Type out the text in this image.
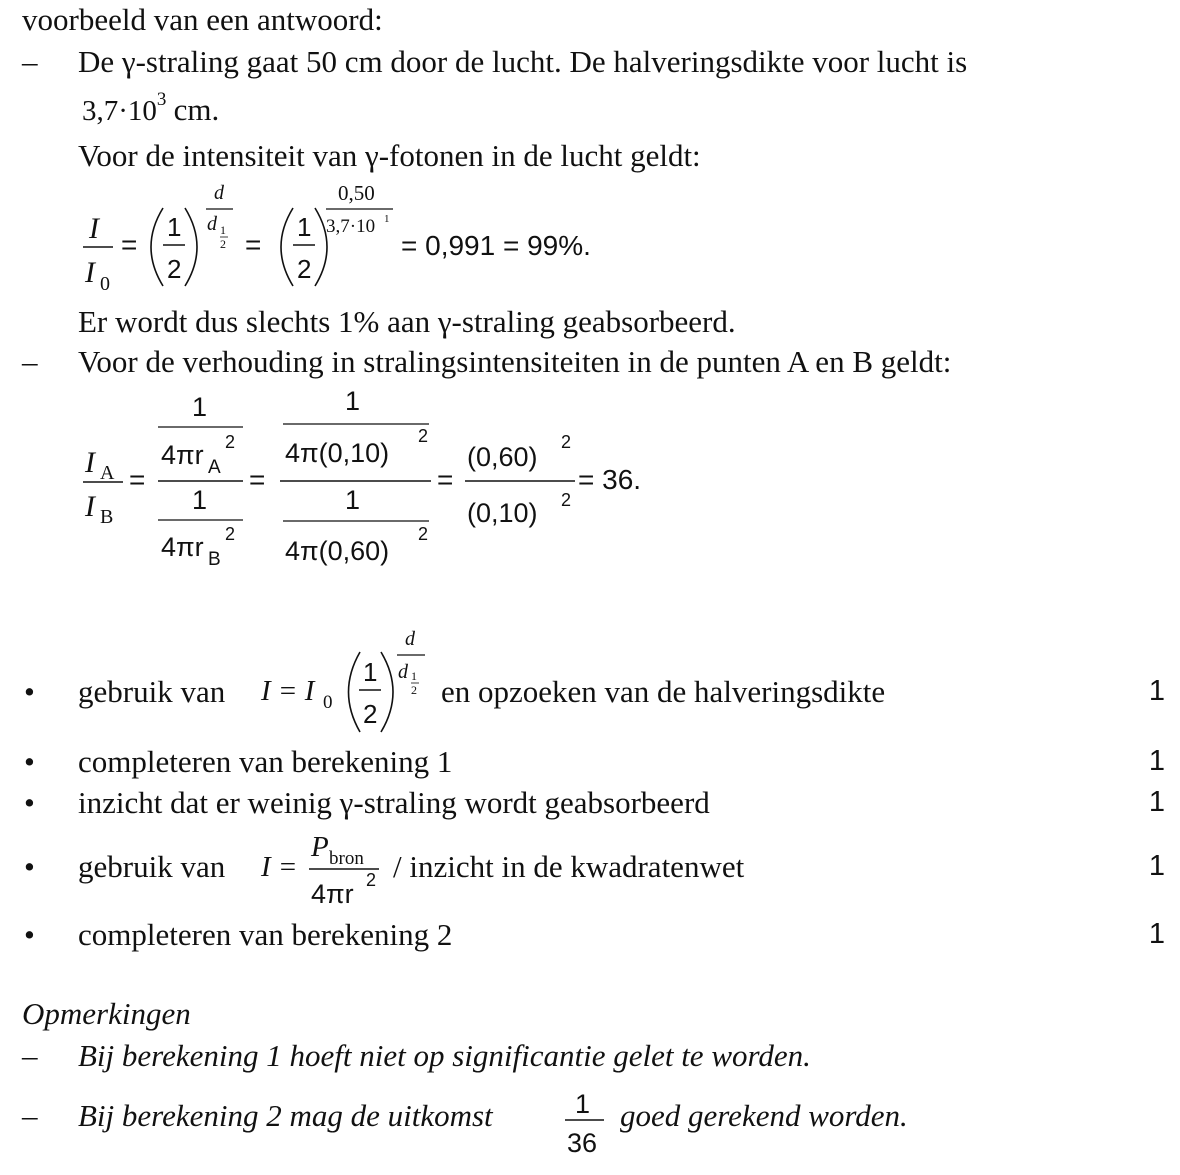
voorbeeld van een antwoord:
– De γ-straling gaat 50 cm door de lucht. De halveringsdikte voor lucht is
$3,7\cdot 10^3$ cm.
Voor de intensiteit van γ-fotonen in de lucht geldt:
I
I 0
=
1
2
d
d 1
2 =
1
2
0,50
3,7·10 1
= 0,991 = 99%.
Er wordt dus slechts 1% aan γ-straling geabsorbeerd.
– Voor de verhouding in stralingsintensiteiten in de punten A en B geldt:
I A
I B
=
1
4πr A
2
1
4πr B
2
=
1
4π(0,10)
2
1
4π(0,60)
2
=
(0,60) 2
(0,10) 2
= 36.
• gebruik van I = I 0
1
2
d
d 1
2 en opzoeken van de halveringsdikte	1
• completeren van berekening 1	1
• inzicht dat er weinig γ-straling wordt geabsorbeerd	1
• gebruik van I =
P bron
4πr 2 / inzicht in de kwadratenwet	1
• completeren van berekening 2	1
Opmerkingen
– Bij berekening 1 hoeft niet op significantie gelet te worden.
– Bij berekening 2 mag de uitkomst	1
36
goed gerekend worden.
